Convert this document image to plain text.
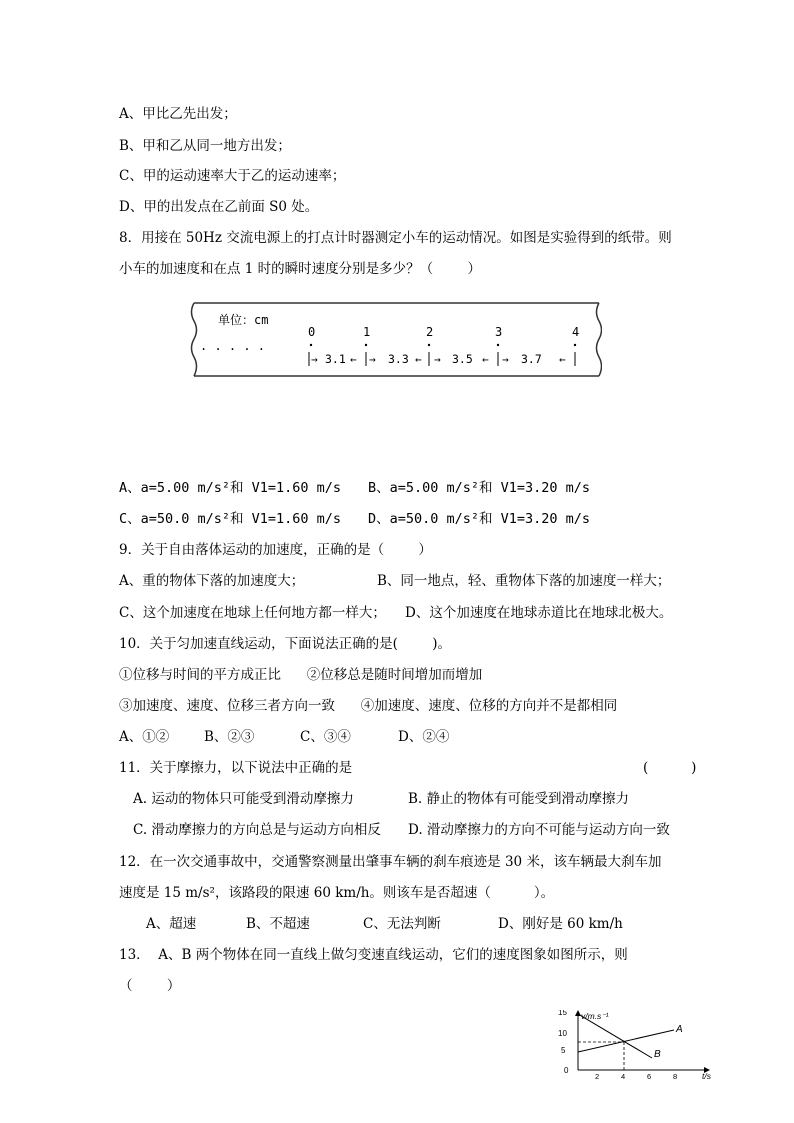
A、甲比乙先出发；
B、甲和乙从同一地方出发；
C、甲的运动速率大于乙的运动速率；
D、甲的出发点在乙前面 S0 处。
8．用接在 50Hz 交流电源上的打点计时器测定小车的运动情况。如图是实验得到的纸带。则
小车的加速度和在点 1 时的瞬时速度分别是多少？（        ）
单位：cm
. . . . .
0	1	2	3	4
→ 3.1 ← → 3.3 ← → 3.5 ← → 3.7 ←
A、a=5.00 m/s²和 V1=1.60 m/s B、a=5.00 m/s²和 V1=3.20 m/s
C、a=50.0 m/s²和 V1=1.60 m/s D、a=50.0 m/s²和 V1=3.20 m/s
9．关于自由落体运动的加速度，正确的是（        ）
A、重的物体下落的加速度大；	B、同一地点，轻、重物体下落的加速度一样大；
C、这个加速度在地球上任何地方都一样大； D、这个加速度在地球赤道比在地球北极大。
10．关于匀加速直线运动，下面说法正确的是(        )。
①位移与时间的平方成正比      ②位移总是随时间增加而增加
③加速度、速度、位移三者方向一致      ④加速度、速度、位移的方向并不是都相同
A、①②	B、②③	C、③④	D、②④
11．关于摩擦力，以下说法中正确的是	(          )
A. 运动的物体只可能受到滑动摩擦力	B. 静止的物体有可能受到滑动摩擦力
C. 滑动摩擦力的方向总是与运动方向相反 D. 滑动摩擦力的方向不可能与运动方向一致
12．在一次交通事故中，交通警察测量出肇事车辆的刹车痕迹是 30 米，该车辆最大刹车加
速度是 15 m/s²，该路段的限速 60 km/h。则该车是否超速（          ）。
A、超速	B、不超速	C、无法判断	D、刚好是 60 km/h
13．  A、B 两个物体在同一直线上做匀变速直线运动，它们的速度图象如图所示，则
（        ）
v/m.s⁻¹
15
10
5
0
2	4	6	8	t/s
A
B
